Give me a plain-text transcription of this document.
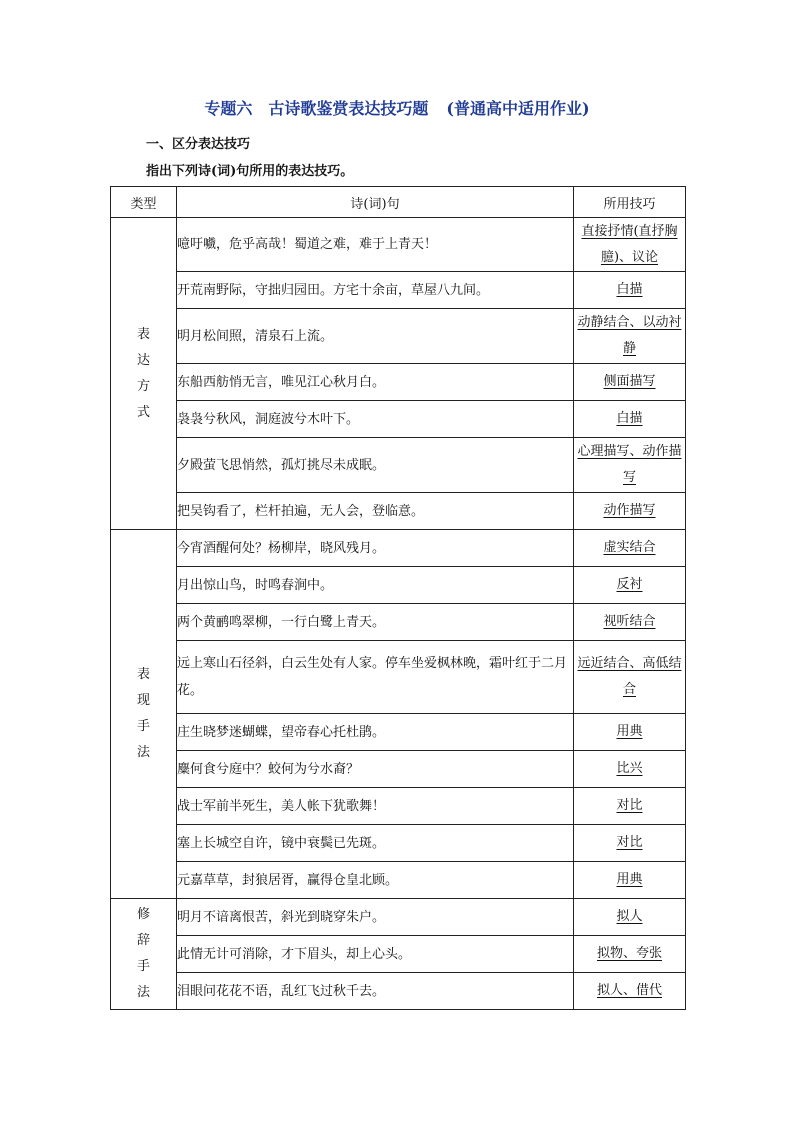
专题六　古诗歌鉴赏表达技巧题 (普通高中适用作业)
一、区分表达技巧
指出下列诗(词)句所用的表达技巧。
类型	诗(词)句	所用技巧

表
达
方
式	噫吁嚱，危乎高哉！蜀道之难，难于上青天！	直接抒情(直抒胸臆)、议论
	开荒南野际，守拙归园田。方宅十余亩，草屋八九间。	白描
	明月松间照，清泉石上流。	动静结合、以动衬静
	东船西舫悄无言，唯见江心秋月白。	侧面描写
	袅袅兮秋风，洞庭波兮木叶下。	白描
	夕殿萤飞思悄然，孤灯挑尽未成眠。	心理描写、动作描写
	把吴钩看了，栏杆拍遍，无人会，登临意。	动作描写

表
现
手
法	今宵酒醒何处？杨柳岸，晓风残月。	虚实结合
	月出惊山鸟，时鸣春涧中。	反衬
	两个黄鹂鸣翠柳，一行白鹭上青天。	视听结合
	远上寒山石径斜，白云生处有人家。停车坐爱枫林晚，霜叶红于二月花。	远近结合、高低结合
	庄生晓梦迷蝴蝶，望帝春心托杜鹃。	用典
	麋何食兮庭中？蛟何为兮水裔？	比兴
	战士军前半死生，美人帐下犹歌舞！	对比
	塞上长城空自许，镜中衰鬓已先斑。	对比
	元嘉草草，封狼居胥，赢得仓皇北顾。	用典

修
辞
手
法	明月不谙离恨苦，斜光到晓穿朱户。	拟人
	此情无计可消除，才下眉头，却上心头。	拟物、夸张
	泪眼问花花不语，乱红飞过秋千去。	拟人、借代
